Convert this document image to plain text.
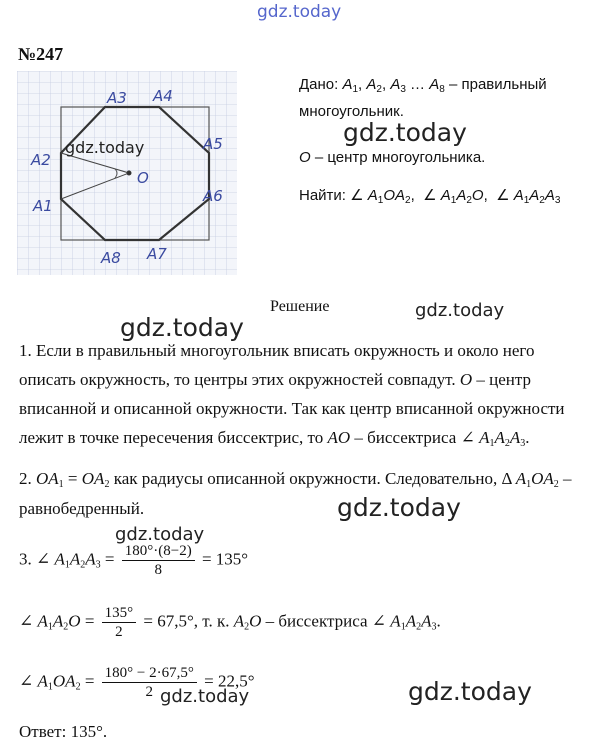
gdz.today
gdz.today
gdz.today
gdz.today
gdz.today
gdz.today
gdz.today
gdz.today
№247
A1
A2
A3 A4
A5
A6
A7
A8
O
gdz.today
Дано: $A_1$, $A_2$, $A_3$ … $A_8$ – правильный
многоугольник.
O – центр многоугольника.
Найти: ∠ $A_1OA_2$,  ∠ $A_1A_2O$,  ∠ $A_1A_2A_3$
Решение
1. Если в правильный многоугольник вписать окружность и около него
описать окружность, то центры этих окружностей совпадут. O – центр
вписанной и описанной окружности. Так как центр вписанной окружности
лежит в точке пересечения биссектрис, то AO – биссектриса ∠ $A_1A_2A_3$.
2. $OA_1 = OA_2$ как радиусы описанной окружности. Следовательно, Δ $A_1OA_2$ –
равнобедренный.
3. ∠ $A_1A_2A_3 = \frac{180^\circ\cdot(8-2)}{8} = 135^\circ$
∠ $A_1A_2O = \frac{135^\circ}{2} = 67,5^\circ$, т. к. $A_2O$ – биссектриса ∠ $A_1A_2A_3$.
∠ $A_1OA_2 = \frac{180^\circ - 2\cdot 67,5^\circ}{2} = 22,5^\circ$
Ответ: 135°.
